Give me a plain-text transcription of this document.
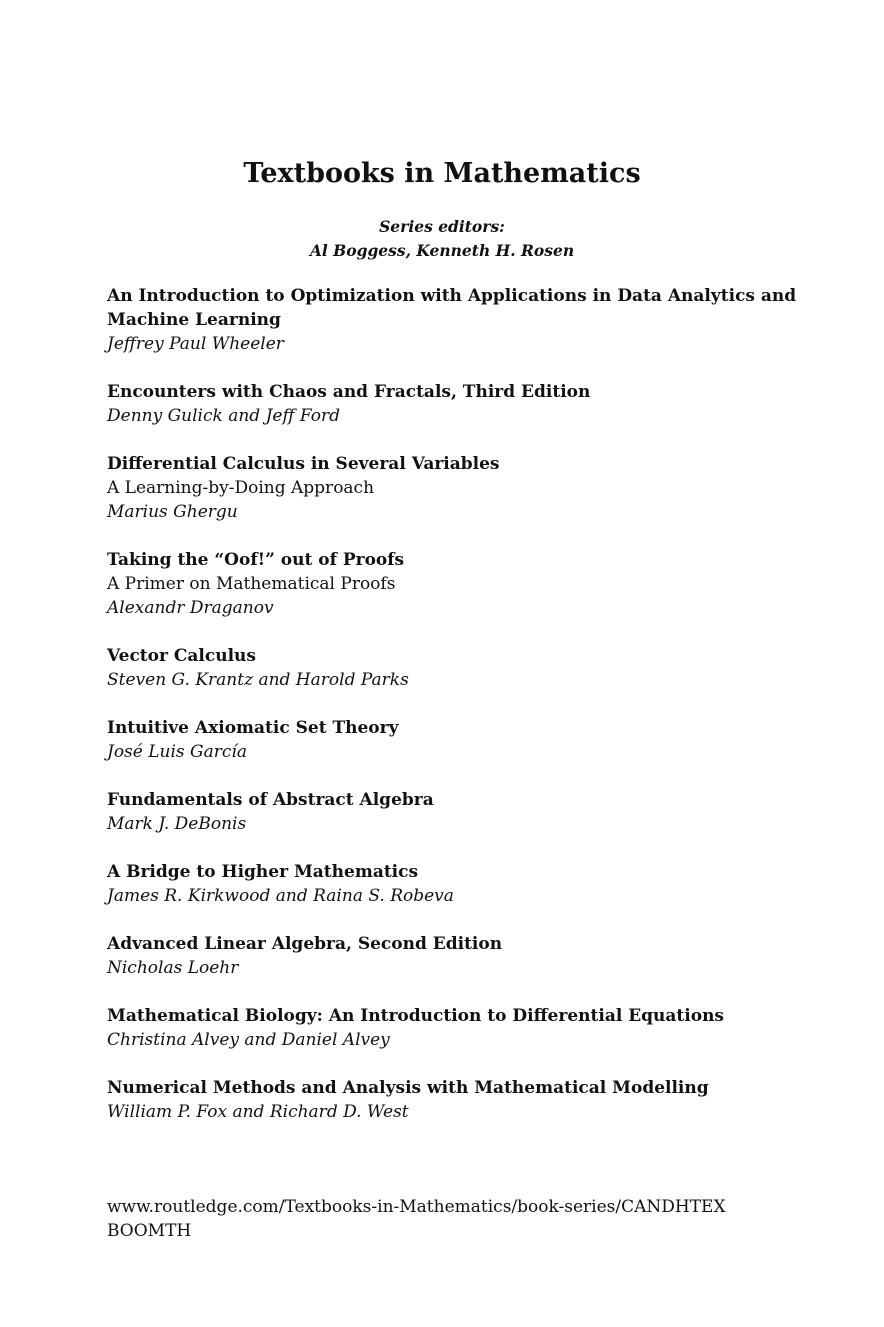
Textbooks in Mathematics
Series editors:
Al Boggess, Kenneth H. Rosen
An Introduction to Optimization with Applications in Data Analytics and Machine Learning
Jeffrey Paul Wheeler
Encounters with Chaos and Fractals, Third Edition
Denny Gulick and Jeff Ford
Differential Calculus in Several Variables
A Learning-by-Doing Approach
Marius Ghergu
Taking the “Oof!” out of Proofs
A Primer on Mathematical Proofs
Alexandr Draganov
Vector Calculus
Steven G. Krantz and Harold Parks
Intuitive Axiomatic Set Theory
José Luis García
Fundamentals of Abstract Algebra
Mark J. DeBonis
A Bridge to Higher Mathematics
James R. Kirkwood and Raina S. Robeva
Advanced Linear Algebra, Second Edition
Nicholas Loehr
Mathematical Biology: An Introduction to Differential Equations
Christina Alvey and Daniel Alvey
Numerical Methods and Analysis with Mathematical Modelling
William P. Fox and Richard D. West
www.routledge.com/Textbooks-in-Mathematics/book-series/CANDHTEX
BOOMTH
